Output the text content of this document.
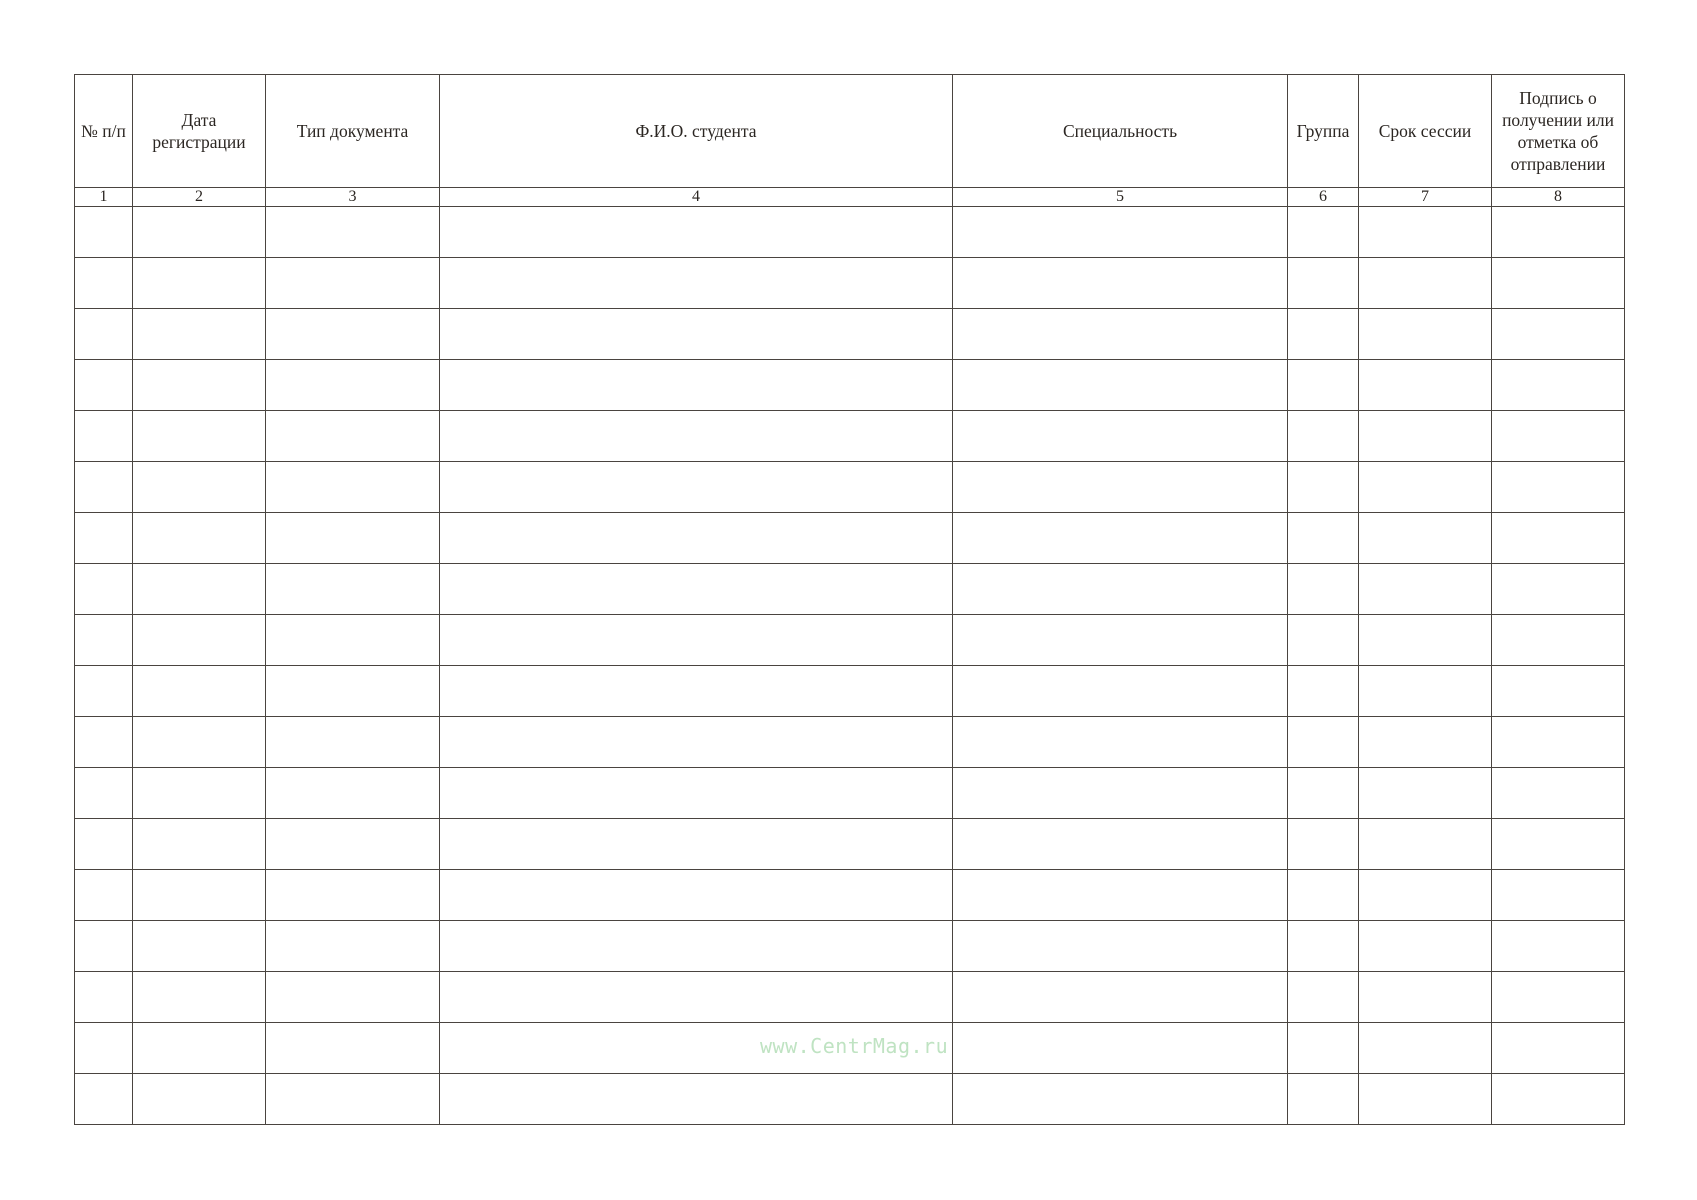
№ п/п	Дата регистрации	Тип документа	Ф.И.О. студента	Специальность	Группа	Срок сессии	Подпись о получении или отметка об отправлении
1	2	3	4	5	6	7	8

www.CentrMag.ru
